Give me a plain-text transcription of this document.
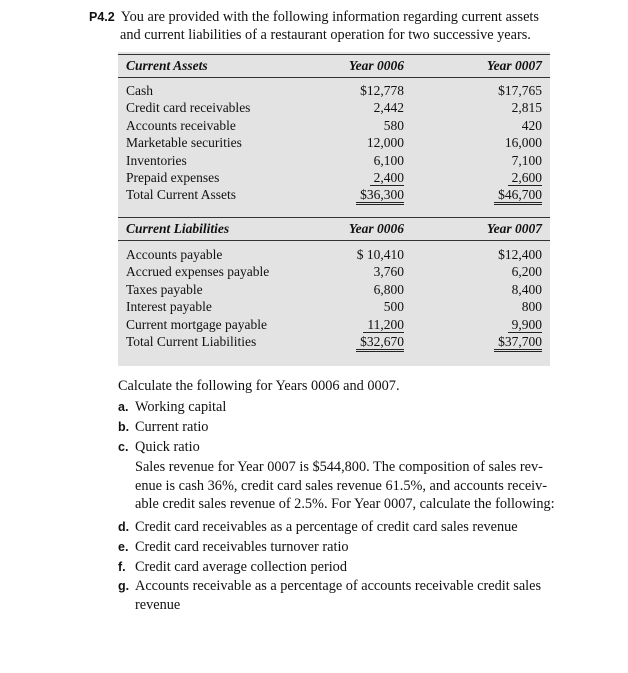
P4.2 You are provided with the following information regarding current assets
and current liabilities of a restaurant operation for two successive years.
Current Assets	Year 0006	Year 0007
Cash	$12,778	$17,765
Credit card receivables	2,442	2,815
Accounts receivable	580	420
Marketable securities	12,000	16,000
Inventories	6,100	7,100
Prepaid expenses	2,400	2,600
Total Current Assets	$36,300	$46,700
Current Liabilities	Year 0006	Year 0007
Accounts payable	$ 10,410	$12,400
Accrued expenses payable	3,760	6,200
Taxes payable	6,800	8,400
Interest payable	500	800
Current mortgage payable	11,200	9,900
Total Current Liabilities	$32,670	$37,700
Calculate the following for Years 0006 and 0007.
a. Working capital
b. Current ratio
c. Quick ratio
Sales revenue for Year 0007 is $544,800. The composition of sales rev-
enue is cash 36%, credit card sales revenue 61.5%, and accounts receiv-
able credit sales revenue of 2.5%. For Year 0007, calculate the following:
d. Credit card receivables as a percentage of credit card sales revenue
e. Credit card receivables turnover ratio
f. Credit card average collection period
g. Accounts receivable as a percentage of accounts receivable credit sales
revenue
